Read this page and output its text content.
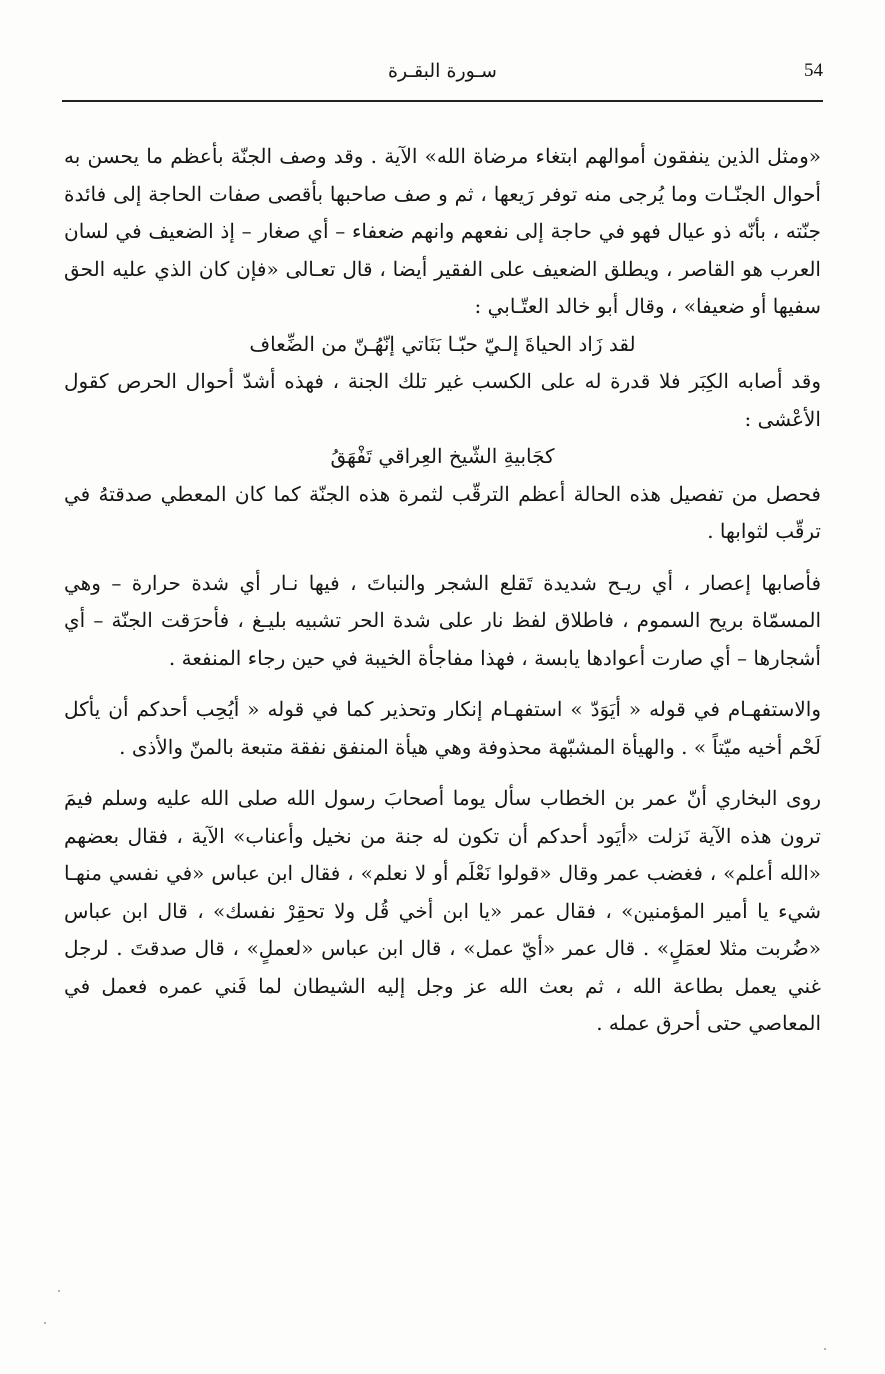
54
سـورة البقـرة

«ومثل الذين ينفقون أموالهم ابتغاء مرضاة الله» الآية . وقد وصف الجنّة بأعظم ما يحسن به أحوال الجنّـات وما يُرجى منه توفر رَيعها ، ثم و صف صاحبها بأقصى صفات الحاجة إلى فائدة جنّته ، بأنّه ذو عيال فهو في حاجة إلى نفعهم وانهم ضعفاء – أي صغار – إذ الضعيف في لسان العرب هو القاصر ، ويطلق الضعيف على الفقير أيضا ، قال تعـالى «فإن كان الذي عليه الحق سفيها أو ضعيفا» ، وقال أبو خالد العتّـابي :

لقد زَاد الحياةَ إلـيّ حبّـا بَنَاتي إنّهُـنّ من الضِّعاف

وقد أصابه الكِبَر فلا قدرة له على الكسب غير تلك الجنة ، فهذه أشدّ أحوال الحرص كقول الأعْشى :

كجَابيةِ الشّيخ العِراقي تَفْهَقُ

فحصل من تفصيل هذه الحالة أعظم الترقّب لثمرة هذه الجنّة كما كان المعطي صدقتهُ في ترقّب لثوابها .

فأصابها إعصار ، أي ريـح شديدة تَقلع الشجر والنباتَ ، فيها نـار أي شدة حرارة – وهي المسمّاة بريح السموم ، فاطلاق لفظ نار على شدة الحر تشبيه بليـغ ، فأحرَقت الجنّة – أي أشجارها – أي صارت أعوادها يابسة ، فهذا مفاجأة الخيبة في حين رجاء المنفعة .

والاستفهـام في قوله « أيَوَدّ » استفهـام إنكار وتحذير كما في قوله « أيُحِب أحدكم أن يأكل لَحْم أخيه ميّتاً » . والهيأة المشبّهة محذوفة وهي هيأة المنفق نفقة متبعة بالمنّ والأذى .

روى البخاري أنّ عمر بن الخطاب سأل يوما أصحابَ رسول الله صلى الله عليه وسلم فيمَ ترون هذه الآية نَزلت «أيَود أحدكم أن تكون له جنة من نخيل وأعناب» الآية ، فقال بعضهم «الله أعلم» ، فغضب عمر وقال «قولوا نَعْلَم أو لا نعلم» ، فقال ابن عباس «في نفسي منهـا شيء يا أمير المؤمنين» ، فقال عمر «يا ابن أخي قُل ولا تحقِرْ نفسك» ، قال ابن عباس «ضُربت مثلا لعمَلٍ» . قال عمر «أيّ عمل» ، قال ابن عباس «لعملٍ» ، قال صدقتَ . لرجل غني يعمل بطاعة الله ، ثم بعث الله عز وجل إليه الشيطان لما فَني عمره فعمل في المعاصي حتى أحرق عمله .
